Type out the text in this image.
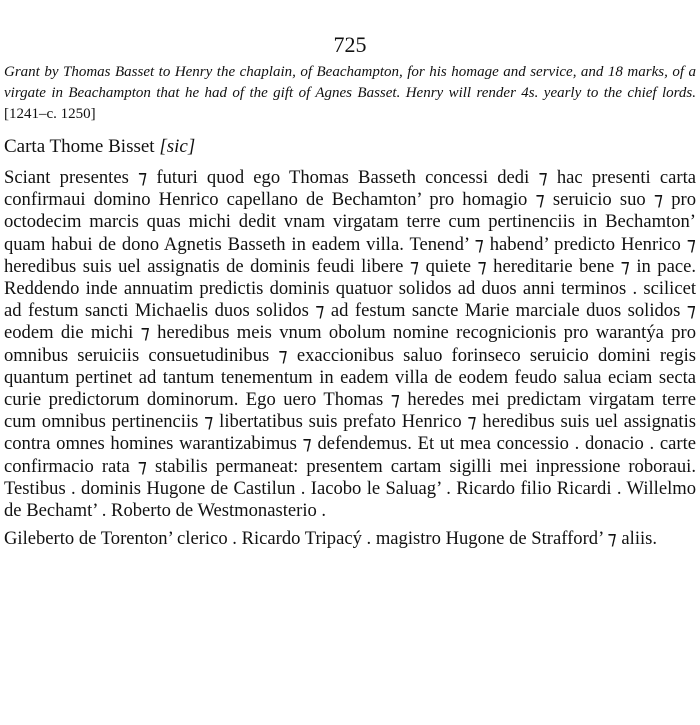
725

Grant by Thomas Basset to Henry the chaplain, of Beachampton, for his homage and service, and 18 marks, of a virgate in Beachampton that he had of the gift of Agnes Basset. Henry will render 4s. yearly to the chief lords. [1241–c. 1250]

Carta Thome Bisset [sic]

Sciant presentes ⁊ futuri quod ego Thomas Basseth concessi dedi ⁊ hac presenti carta confirmaui domino Henrico capellano de Bechamton’ pro homagio ⁊ seruicio suo ⁊ pro octodecim marcis quas michi dedit vnam virgatam terre cum pertinenciis in Bechamton’ quam habui de dono Agnetis Basseth in eadem villa. Tenend’ ⁊ habend’ predicto Henrico ⁊ heredibus suis uel assignatis de dominis feudi libere ⁊ quiete ⁊ hereditarie bene ⁊ in pace. Reddendo inde annuatim predictis dominis quatuor solidos ad duos anni terminos . scilicet ad festum sancti Michaelis duos solidos ⁊ ad festum sancte Marie marciale duos solidos ⁊ eodem die michi ⁊ heredibus meis vnum obolum nomine recognicionis pro warantýa pro omnibus seruiciis consuetudinibus ⁊ exaccionibus saluo forinseco seruicio domini regis quantum pertinet ad tantum tenementum in eadem villa de eodem feudo salua eciam secta curie predictorum dominorum. Ego uero Thomas ⁊ heredes mei predictam virgatam terre cum omnibus pertinenciis ⁊ libertatibus suis prefato Henrico ⁊ heredibus suis uel assignatis contra omnes homines warantizabimus ⁊ defendemus. Et ut mea concessio . donacio . carte confirmacio rata ⁊ stabilis permaneat: presentem cartam sigilli mei inpressione roboraui. Testibus . dominis Hugone de Castilun . Iacobo le Saluag’ . Ricardo filio Ricardi . Willelmo de Bechamt’ . Roberto de Westmonasterio .

Gileberto de Torenton’ clerico . Ricardo Tripacý . magistro Hugone de Strafford’ ⁊ aliis.
